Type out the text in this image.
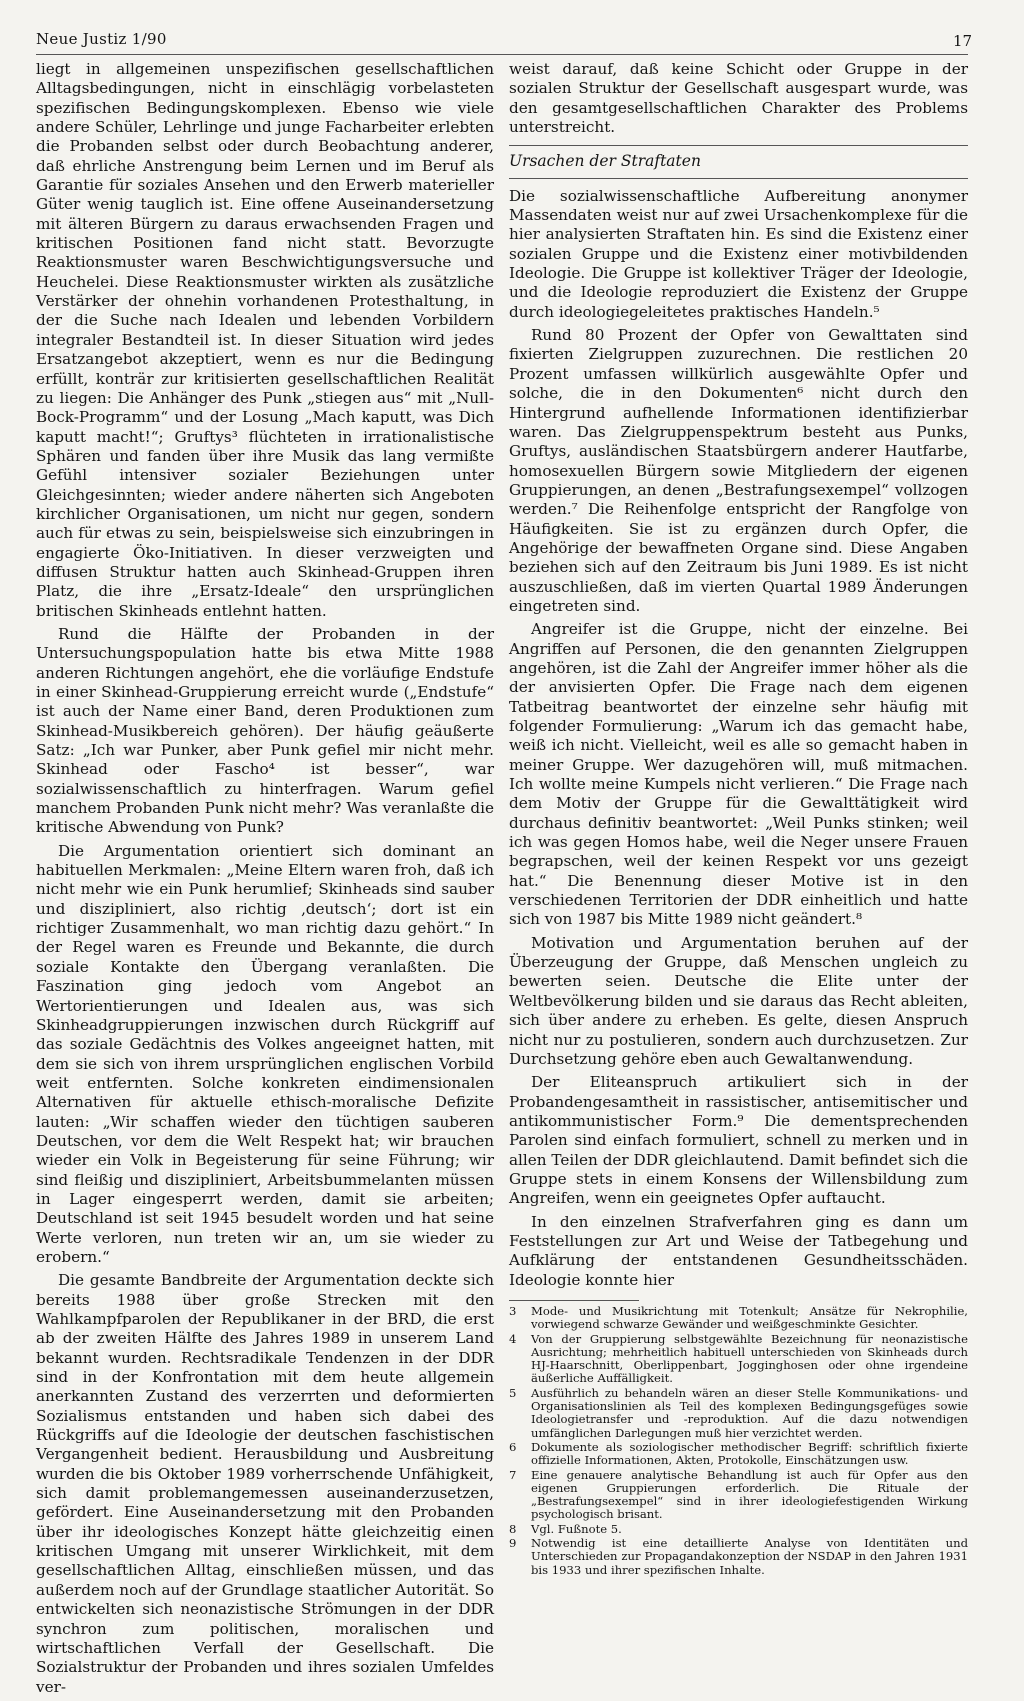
Neue Justiz 1/90	17

liegt in allgemeinen unspezifischen gesellschaftlichen Alltagsbedingungen, nicht in einschlägig vorbelasteten spezifischen Bedingungskomplexen. Ebenso wie viele andere Schüler, Lehrlinge und junge Facharbeiter erlebten die Probanden selbst oder durch Beobachtung anderer, daß ehrliche Anstrengung beim Lernen und im Beruf als Garantie für soziales Ansehen und den Erwerb materieller Güter wenig tauglich ist. Eine offene Auseinandersetzung mit älteren Bürgern zu daraus erwachsenden Fragen und kritischen Positionen fand nicht statt. Bevorzugte Reaktionsmuster waren Beschwichtigungsversuche und Heuchelei. Diese Reaktionsmuster wirkten als zusätzliche Verstärker der ohnehin vorhandenen Protesthaltung, in der die Suche nach Idealen und lebenden Vorbildern integraler Bestandteil ist. In dieser Situation wird jedes Ersatzangebot akzeptiert, wenn es nur die Bedingung erfüllt, konträr zur kritisierten gesellschaftlichen Realität zu liegen: Die Anhänger des Punk „stiegen aus“ mit „Null-Bock-Programm“ und der Losung „Mach kaputt, was Dich kaputt macht!“; Gruftys³ flüchteten in irrationalistische Sphären und fanden über ihre Musik das lang vermißte Gefühl intensiver sozialer Beziehungen unter Gleichgesinnten; wieder andere näherten sich Angeboten kirchlicher Organisationen, um nicht nur gegen, sondern auch für etwas zu sein, beispielsweise sich einzubringen in engagierte Öko-Initiativen. In dieser verzweigten und diffusen Struktur hatten auch Skinhead-Gruppen ihren Platz, die ihre „Ersatz-Ideale“ den ursprünglichen britischen Skinheads entlehnt hatten.

Rund die Hälfte der Probanden in der Untersuchungspopulation hatte bis etwa Mitte 1988 anderen Richtungen angehört, ehe die vorläufige Endstufe in einer Skinhead-Gruppierung erreicht wurde („Endstufe“ ist auch der Name einer Band, deren Produktionen zum Skinhead-Musikbereich gehören). Der häufig geäußerte Satz: „Ich war Punker, aber Punk gefiel mir nicht mehr. Skinhead oder Fascho⁴ ist besser“, war sozialwissenschaftlich zu hinterfragen. Warum gefiel manchem Probanden Punk nicht mehr? Was veranlaßte die kritische Abwendung von Punk?

Die Argumentation orientiert sich dominant an habituellen Merkmalen: „Meine Eltern waren froh, daß ich nicht mehr wie ein Punk herumlief; Skinheads sind sauber und diszipliniert, also richtig ‚deutsch‘; dort ist ein richtiger Zusammenhalt, wo man richtig dazu gehört.“ In der Regel waren es Freunde und Bekannte, die durch soziale Kontakte den Übergang veranlaßten. Die Faszination ging jedoch vom Angebot an Wertorientierungen und Idealen aus, was sich Skinheadgruppierungen inzwischen durch Rückgriff auf das soziale Gedächtnis des Volkes angeeignet hatten, mit dem sie sich von ihrem ursprünglichen englischen Vorbild weit entfernten. Solche konkreten eindimensionalen Alternativen für aktuelle ethisch-moralische Defizite lauten: „Wir schaffen wieder den tüchtigen sauberen Deutschen, vor dem die Welt Respekt hat; wir brauchen wieder ein Volk in Begeisterung für seine Führung; wir sind fleißig und diszipliniert, Arbeitsbummelanten müssen in Lager eingesperrt werden, damit sie arbeiten; Deutschland ist seit 1945 besudelt worden und hat seine Werte verloren, nun treten wir an, um sie wieder zu erobern.“

Die gesamte Bandbreite der Argumentation deckte sich bereits 1988 über große Strecken mit den Wahlkampfparolen der Republikaner in der BRD, die erst ab der zweiten Hälfte des Jahres 1989 in unserem Land bekannt wurden. Rechtsradikale Tendenzen in der DDR sind in der Konfrontation mit dem heute allgemein anerkannten Zustand des verzerrten und deformierten Sozialismus entstanden und haben sich dabei des Rückgriffs auf die Ideologie der deutschen faschistischen Vergangenheit bedient. Herausbildung und Ausbreitung wurden die bis Oktober 1989 vorherrschende Unfähigkeit, sich damit problemangemessen auseinanderzusetzen, gefördert. Eine Auseinandersetzung mit den Probanden über ihr ideologisches Konzept hätte gleichzeitig einen kritischen Umgang mit unserer Wirklichkeit, mit dem gesellschaftlichen Alltag, einschließen müssen, und das außerdem noch auf der Grundlage staatlicher Autorität. So entwickelten sich neonazistische Strömungen in der DDR synchron zum politischen, moralischen und wirtschaftlichen Verfall der Gesellschaft. Die Sozialstruktur der Probanden und ihres sozialen Umfeldes ver-

weist darauf, daß keine Schicht oder Gruppe in der sozialen Struktur der Gesellschaft ausgespart wurde, was den gesamtgesellschaftlichen Charakter des Problems unterstreicht.

Ursachen der Straftaten

Die sozialwissenschaftliche Aufbereitung anonymer Massendaten weist nur auf zwei Ursachenkomplexe für die hier analysierten Straftaten hin. Es sind die Existenz einer sozialen Gruppe und die Existenz einer motivbildenden Ideologie. Die Gruppe ist kollektiver Träger der Ideologie, und die Ideologie reproduziert die Existenz der Gruppe durch ideologiegeleitetes praktisches Handeln.⁵

Rund 80 Prozent der Opfer von Gewalttaten sind fixierten Zielgruppen zuzurechnen. Die restlichen 20 Prozent umfassen willkürlich ausgewählte Opfer und solche, die in den Dokumenten⁶ nicht durch den Hintergrund aufhellende Informationen identifizierbar waren. Das Zielgruppenspektrum besteht aus Punks, Gruftys, ausländischen Staatsbürgern anderer Hautfarbe, homosexuellen Bürgern sowie Mitgliedern der eigenen Gruppierungen, an denen „Bestrafungsexempel“ vollzogen werden.⁷ Die Reihenfolge entspricht der Rangfolge von Häufigkeiten. Sie ist zu ergänzen durch Opfer, die Angehörige der bewaffneten Organe sind. Diese Angaben beziehen sich auf den Zeitraum bis Juni 1989. Es ist nicht auszuschließen, daß im vierten Quartal 1989 Änderungen eingetreten sind.

Angreifer ist die Gruppe, nicht der einzelne. Bei Angriffen auf Personen, die den genannten Zielgruppen angehören, ist die Zahl der Angreifer immer höher als die der anvisierten Opfer. Die Frage nach dem eigenen Tatbeitrag beantwortet der einzelne sehr häufig mit folgender Formulierung: „Warum ich das gemacht habe, weiß ich nicht. Vielleicht, weil es alle so gemacht haben in meiner Gruppe. Wer dazugehören will, muß mitmachen. Ich wollte meine Kumpels nicht verlieren.“ Die Frage nach dem Motiv der Gruppe für die Gewalttätigkeit wird durchaus definitiv beantwortet: „Weil Punks stinken; weil ich was gegen Homos habe, weil die Neger unsere Frauen begrapschen, weil der keinen Respekt vor uns gezeigt hat.“ Die Benennung dieser Motive ist in den verschiedenen Territorien der DDR einheitlich und hatte sich von 1987 bis Mitte 1989 nicht geändert.⁸

Motivation und Argumentation beruhen auf der Überzeugung der Gruppe, daß Menschen ungleich zu bewerten seien. Deutsche die Elite unter der Weltbevölkerung bilden und sie daraus das Recht ableiten, sich über andere zu erheben. Es gelte, diesen Anspruch nicht nur zu postulieren, sondern auch durchzusetzen. Zur Durchsetzung gehöre eben auch Gewaltanwendung.

Der Eliteanspruch artikuliert sich in der Probandengesamtheit in rassistischer, antisemitischer und antikommunistischer Form.⁹ Die dementsprechenden Parolen sind einfach formuliert, schnell zu merken und in allen Teilen der DDR gleichlautend. Damit befindet sich die Gruppe stets in einem Konsens der Willensbildung zum Angreifen, wenn ein geeignetes Opfer auftaucht.

In den einzelnen Strafverfahren ging es dann um Feststellungen zur Art und Weise der Tatbegehung und Aufklärung der entstandenen Gesundheitsschäden. Ideologie konnte hier

3	Mode- und Musikrichtung mit Totenkult; Ansätze für Nekrophilie, vorwiegend schwarze Gewänder und weißgeschminkte Gesichter.
4	Von der Gruppierung selbstgewählte Bezeichnung für neonazistische Ausrichtung; mehrheitlich habituell unterschieden von Skinheads durch HJ-Haarschnitt, Oberlippenbart, Jogginghosen oder ohne irgendeine äußerliche Auffälligkeit.
5	Ausführlich zu behandeln wären an dieser Stelle Kommunikations- und Organisationslinien als Teil des komplexen Bedingungsgefüges sowie Ideologietransfer und -reproduktion. Auf die dazu notwendigen umfänglichen Darlegungen muß hier verzichtet werden.
6	Dokumente als soziologischer methodischer Begriff: schriftlich fixierte offizielle Informationen, Akten, Protokolle, Einschätzungen usw.
7	Eine genauere analytische Behandlung ist auch für Opfer aus den eigenen Gruppierungen erforderlich. Die Rituale der „Bestrafungsexempel“ sind in ihrer ideologiefestigenden Wirkung psychologisch brisant.
8	Vgl. Fußnote 5.
9	Notwendig ist eine detaillierte Analyse von Identitäten und Unterschieden zur Propagandakonzeption der NSDAP in den Jahren 1931 bis 1933 und ihrer spezifischen Inhalte.
